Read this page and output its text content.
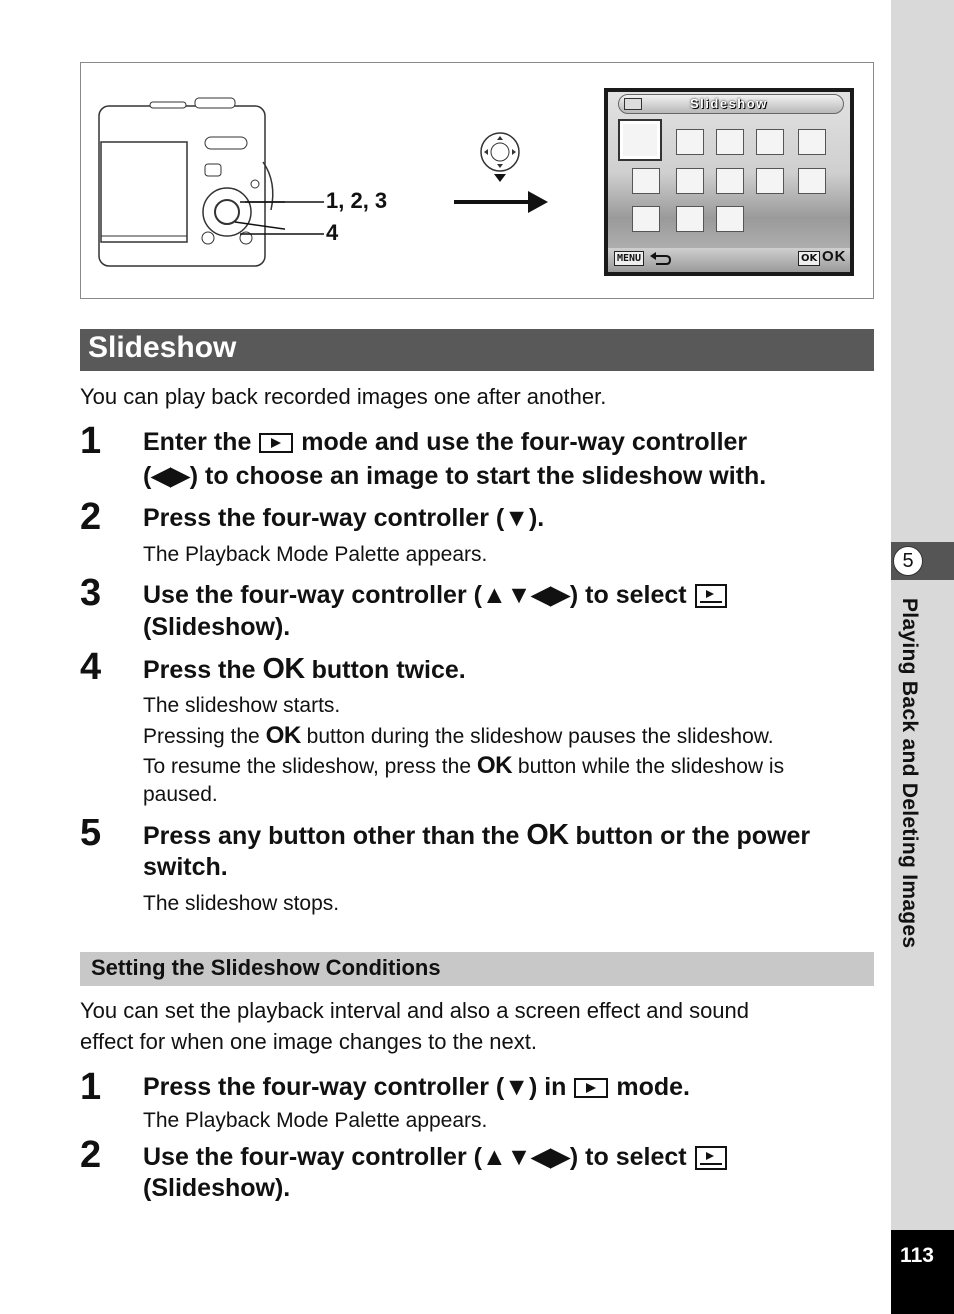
5
Playing Back and Deleting Images
113
1, 2, 3
4
Slideshow
MENU	OK OK
Slideshow
You can play back recorded images one after another.
1 Enter the mode and use the four-way controller
(◀▶) to choose an image to start the slideshow with.
2 Press the four-way controller (▼).
The Playback Mode Palette appears.
3 Use the four-way controller (▲▼◀▶) to select
(Slideshow).
4 Press the OK button twice.
The slideshow starts.
Pressing the OK button during the slideshow pauses the slideshow.
To resume the slideshow, press the OK button while the slideshow is
paused.
5 Press any button other than the OK button or the power
switch.
The slideshow stops.
Setting the Slideshow Conditions
You can set the playback interval and also a screen effect and sound
effect for when one image changes to the next.
1 Press the four-way controller (▼) in mode.
The Playback Mode Palette appears.
2 Use the four-way controller (▲▼◀▶) to select
(Slideshow).
